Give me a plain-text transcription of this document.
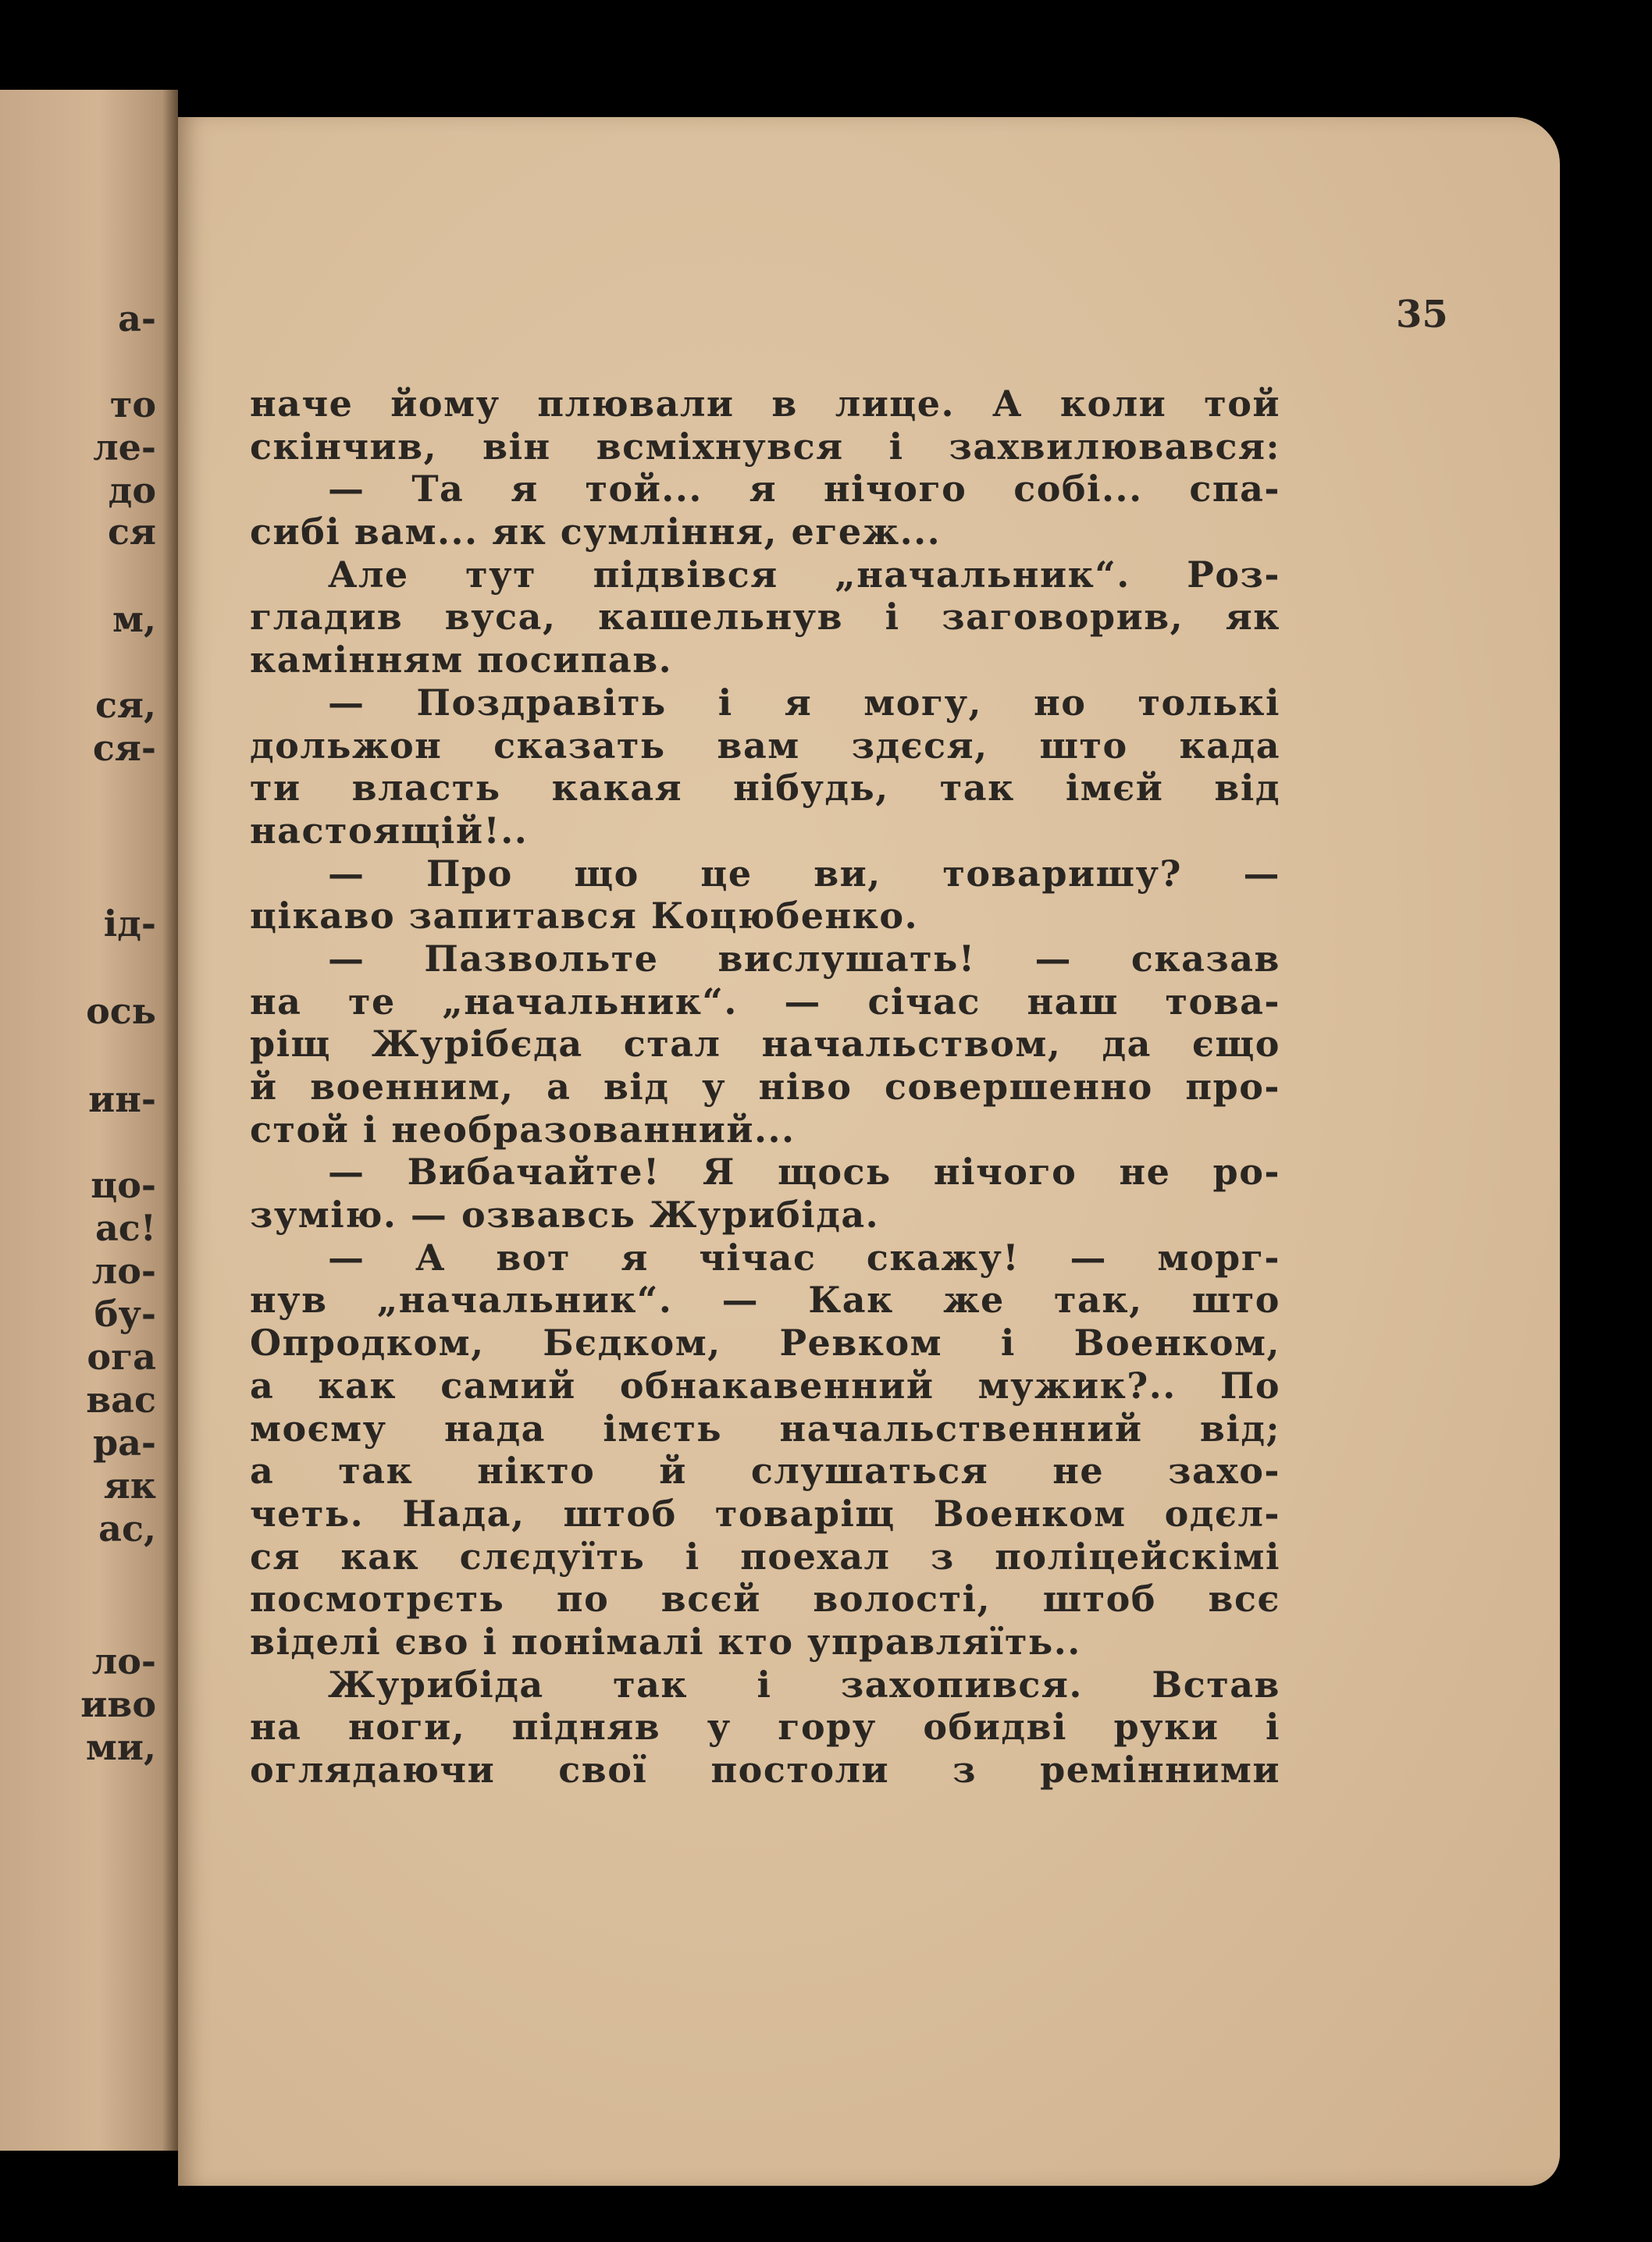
а-
то
ле-
до
ся
м,
ся,
ся-
ід-
ось
ин-
цо-
ас!
ло-
бу-
ога
вас
ра-
як
ас,
ло-
иво
ми,
35
наче йому плювали в лице. А коли той
скінчив, він всміхнувся і захвилювався:
— Та я той... я нічого собі... спа-
сибі вам... як сумління, егеж...
Але тут підвівся „начальник“. Роз-
гладив вуса, кашельнув і заговорив, як
камінням посипав.
— Поздравіть і я могу, но толькі
дольжон сказать вам здєся, што када
ти власть какая нібудь, так імєй від
настоящій!..
— Про що це ви, товаришу? —
цікаво запитався Коцюбенко.
— Пазвольте вислушать! — сказав
на те „начальник“. — січас наш това-
ріщ Журібєда стал начальством, да єщо
й военним, а від у ніво совершенно про-
стой і необразованний...
— Вибачайте! Я щось нічого не ро-
зумію. — озвавсь Журибіда.
— А вот я чічас скажу! — морг-
нув „начальник“. — Как же так, што
Опродком, Бєдком, Ревком і Военком,
а как самий обнакавенний мужик?.. По
моєму нада імєть начальственний від;
а так нікто й слушаться не захо-
четь. Нада, штоб товаріщ Военком одєл-
ся как слєдуїть і поехал з поліцейскімі
посмотрєть по всєй волості, штоб всє
віделі єво і понімалі кто управляїть..
Журибіда так і захопився. Встав
на ноги, підняв у гору обидві руки і
оглядаючи свої постоли з ремінними
